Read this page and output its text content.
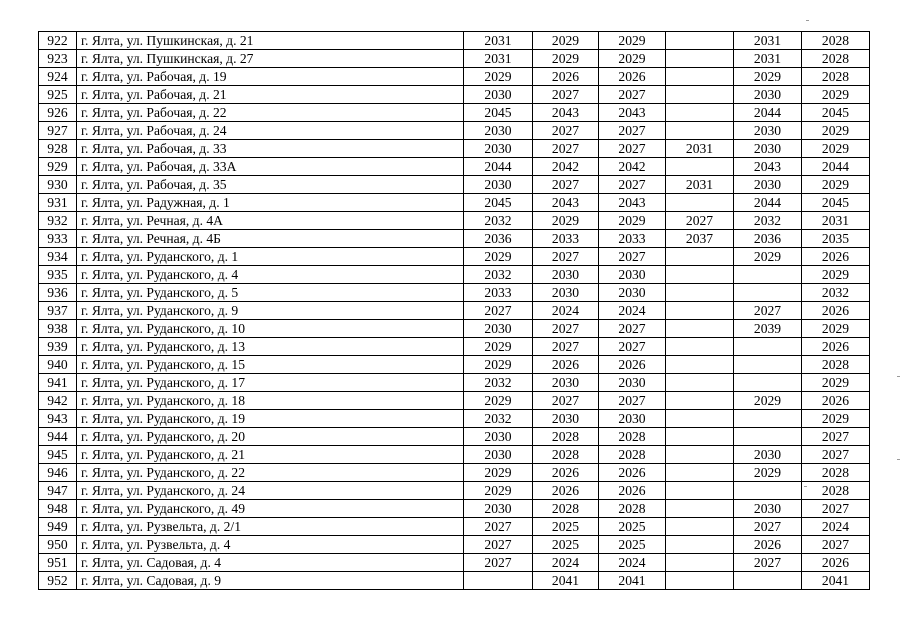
922	г. Ялта, ул. Пушкинская, д. 21	2031	2029	2029		2031	2028
923	г. Ялта, ул. Пушкинская, д. 27	2031	2029	2029		2031	2028
924	г. Ялта, ул. Рабочая, д. 19	2029	2026	2026		2029	2028
925	г. Ялта, ул. Рабочая, д. 21	2030	2027	2027		2030	2029
926	г. Ялта, ул. Рабочая, д. 22	2045	2043	2043		2044	2045
927	г. Ялта, ул. Рабочая, д. 24	2030	2027	2027		2030	2029
928	г. Ялта, ул. Рабочая, д. 33	2030	2027	2027	2031	2030	2029
929	г. Ялта, ул. Рабочая, д. 33А	2044	2042	2042		2043	2044
930	г. Ялта, ул. Рабочая, д. 35	2030	2027	2027	2031	2030	2029
931	г. Ялта, ул. Радужная, д. 1	2045	2043	2043		2044	2045
932	г. Ялта, ул. Речная, д. 4А	2032	2029	2029	2027	2032	2031
933	г. Ялта, ул. Речная, д. 4Б	2036	2033	2033	2037	2036	2035
934	г. Ялта, ул. Руданского, д. 1	2029	2027	2027		2029	2026
935	г. Ялта, ул. Руданского, д. 4	2032	2030	2030			2029
936	г. Ялта, ул. Руданского, д. 5	2033	2030	2030			2032
937	г. Ялта, ул. Руданского, д. 9	2027	2024	2024		2027	2026
938	г. Ялта, ул. Руданского, д. 10	2030	2027	2027		2039	2029
939	г. Ялта, ул. Руданского, д. 13	2029	2027	2027			2026
940	г. Ялта, ул. Руданского, д. 15	2029	2026	2026			2028
941	г. Ялта, ул. Руданского, д. 17	2032	2030	2030			2029
942	г. Ялта, ул. Руданского, д. 18	2029	2027	2027		2029	2026
943	г. Ялта, ул. Руданского, д. 19	2032	2030	2030			2029
944	г. Ялта, ул. Руданского, д. 20	2030	2028	2028			2027
945	г. Ялта, ул. Руданского, д. 21	2030	2028	2028		2030	2027
946	г. Ялта, ул. Руданского, д. 22	2029	2026	2026		2029	2028
947	г. Ялта, ул. Руданского, д. 24	2029	2026	2026			2028
948	г. Ялта, ул. Руданского, д. 49	2030	2028	2028		2030	2027
949	г. Ялта, ул. Рузвельта, д. 2/1	2027	2025	2025		2027	2024
950	г. Ялта, ул. Рузвельта, д. 4	2027	2025	2025		2026	2027
951	г. Ялта, ул. Садовая, д. 4	2027	2024	2024		2027	2026
952	г. Ялта, ул. Садовая, д. 9		2041	2041			2041
